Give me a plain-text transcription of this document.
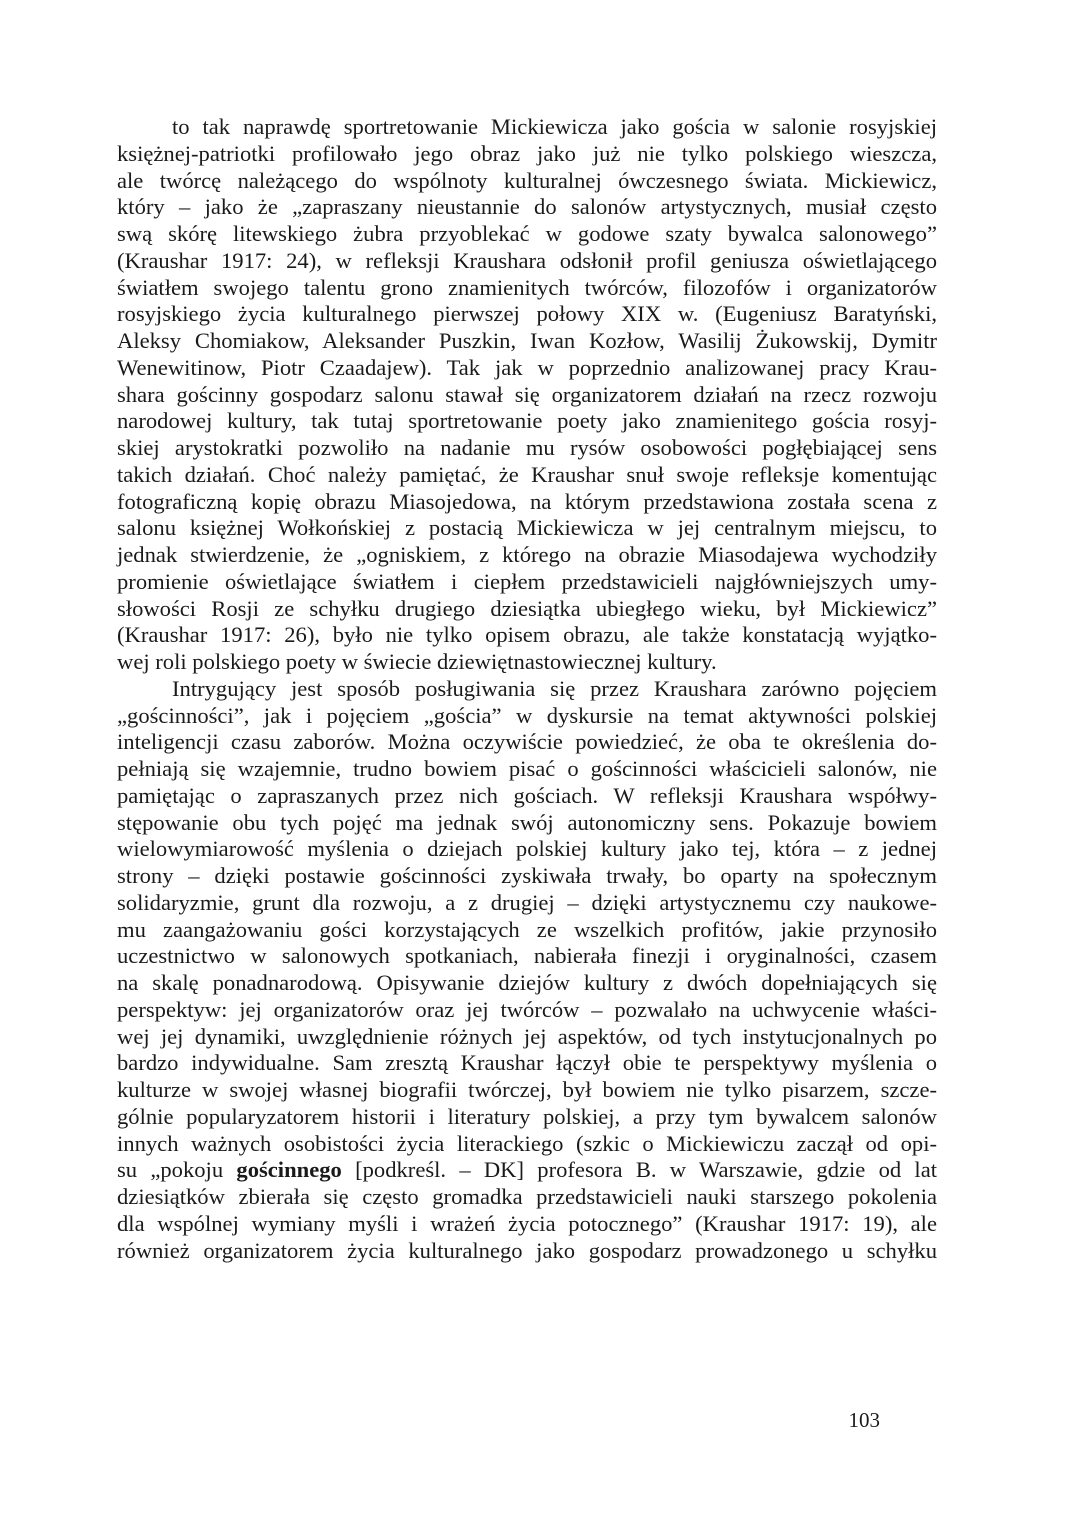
to tak naprawdę sportretowanie Mickiewicza jako gościa w salonie rosyjskiej
księżnej-patriotki profilowało jego obraz jako już nie tylko polskiego wieszcza,
ale twórcę należącego do wspólnoty kulturalnej ówczesnego świata. Mickiewicz,
który – jako że „zapraszany nieustannie do salonów artystycznych, musiał często
swą skórę litewskiego żubra przyoblekać w godowe szaty bywalca salonowego”
(Kraushar 1917: 24), w refleksji Kraushara odsłonił profil geniusza oświetlającego
światłem swojego talentu grono znamienitych twórców, filozofów i organizatorów
rosyjskiego życia kulturalnego pierwszej połowy XIX w. (Eugeniusz Baratyński,
Aleksy Chomiakow, Aleksander Puszkin, Iwan Kozłow, Wasilij Żukowskij, Dymitr
Wenewitinow, Piotr Czaadajew). Tak jak w poprzednio analizowanej pracy Krau-
shara gościnny gospodarz salonu stawał się organizatorem działań na rzecz rozwoju
narodowej kultury, tak tutaj sportretowanie poety jako znamienitego gościa rosyj-
skiej arystokratki pozwoliło na nadanie mu rysów osobowości pogłębiającej sens
takich działań. Choć należy pamiętać, że Kraushar snuł swoje refleksje komentując
fotograficzną kopię obrazu Miasojedowa, na którym przedstawiona została scena z
salonu księżnej Wołkońskiej z postacią Mickiewicza w jej centralnym miejscu, to
jednak stwierdzenie, że „ogniskiem, z którego na obrazie Miasodajewa wychodziły
promienie oświetlające światłem i ciepłem przedstawicieli najgłówniejszych umy-
słowości Rosji ze schyłku drugiego dziesiątka ubiegłego wieku, był Mickiewicz”
(Kraushar 1917: 26), było nie tylko opisem obrazu, ale także konstatacją wyjątko-
wej roli polskiego poety w świecie dziewiętnastowiecznej kultury.
Intrygujący jest sposób posługiwania się przez Kraushara zarówno pojęciem
„gościnności”, jak i pojęciem „gościa” w dyskursie na temat aktywności polskiej
inteligencji czasu zaborów. Można oczywiście powiedzieć, że oba te określenia do-
pełniają się wzajemnie, trudno bowiem pisać o gościnności właścicieli salonów, nie
pamiętając o zapraszanych przez nich gościach. W refleksji Kraushara współwy-
stępowanie obu tych pojęć ma jednak swój autonomiczny sens. Pokazuje bowiem
wielowymiarowość myślenia o dziejach polskiej kultury jako tej, która – z jednej
strony – dzięki postawie gościnności zyskiwała trwały, bo oparty na społecznym
solidaryzmie, grunt dla rozwoju, a z drugiej – dzięki artystycznemu czy naukowe-
mu zaangażowaniu gości korzystających ze wszelkich profitów, jakie przynosiło
uczestnictwo w salonowych spotkaniach, nabierała finezji i oryginalności, czasem
na skalę ponadnarodową. Opisywanie dziejów kultury z dwóch dopełniających się
perspektyw: jej organizatorów oraz jej twórców – pozwalało na uchwycenie właści-
wej jej dynamiki, uwzględnienie różnych jej aspektów, od tych instytucjonalnych po
bardzo indywidualne. Sam zresztą Kraushar łączył obie te perspektywy myślenia o
kulturze w swojej własnej biografii twórczej, był bowiem nie tylko pisarzem, szcze-
gólnie popularyzatorem historii i literatury polskiej, a przy tym bywalcem salonów
innych ważnych osobistości życia literackiego (szkic o Mickiewiczu zaczął od opi-
su „pokoju gościnnego [podkreśl. – DK] profesora B. w Warszawie, gdzie od lat
dziesiątków zbierała się często gromadka przedstawicieli nauki starszego pokolenia
dla wspólnej wymiany myśli i wrażeń życia potocznego” (Kraushar 1917: 19), ale
również organizatorem życia kulturalnego jako gospodarz prowadzonego u schyłku
103
